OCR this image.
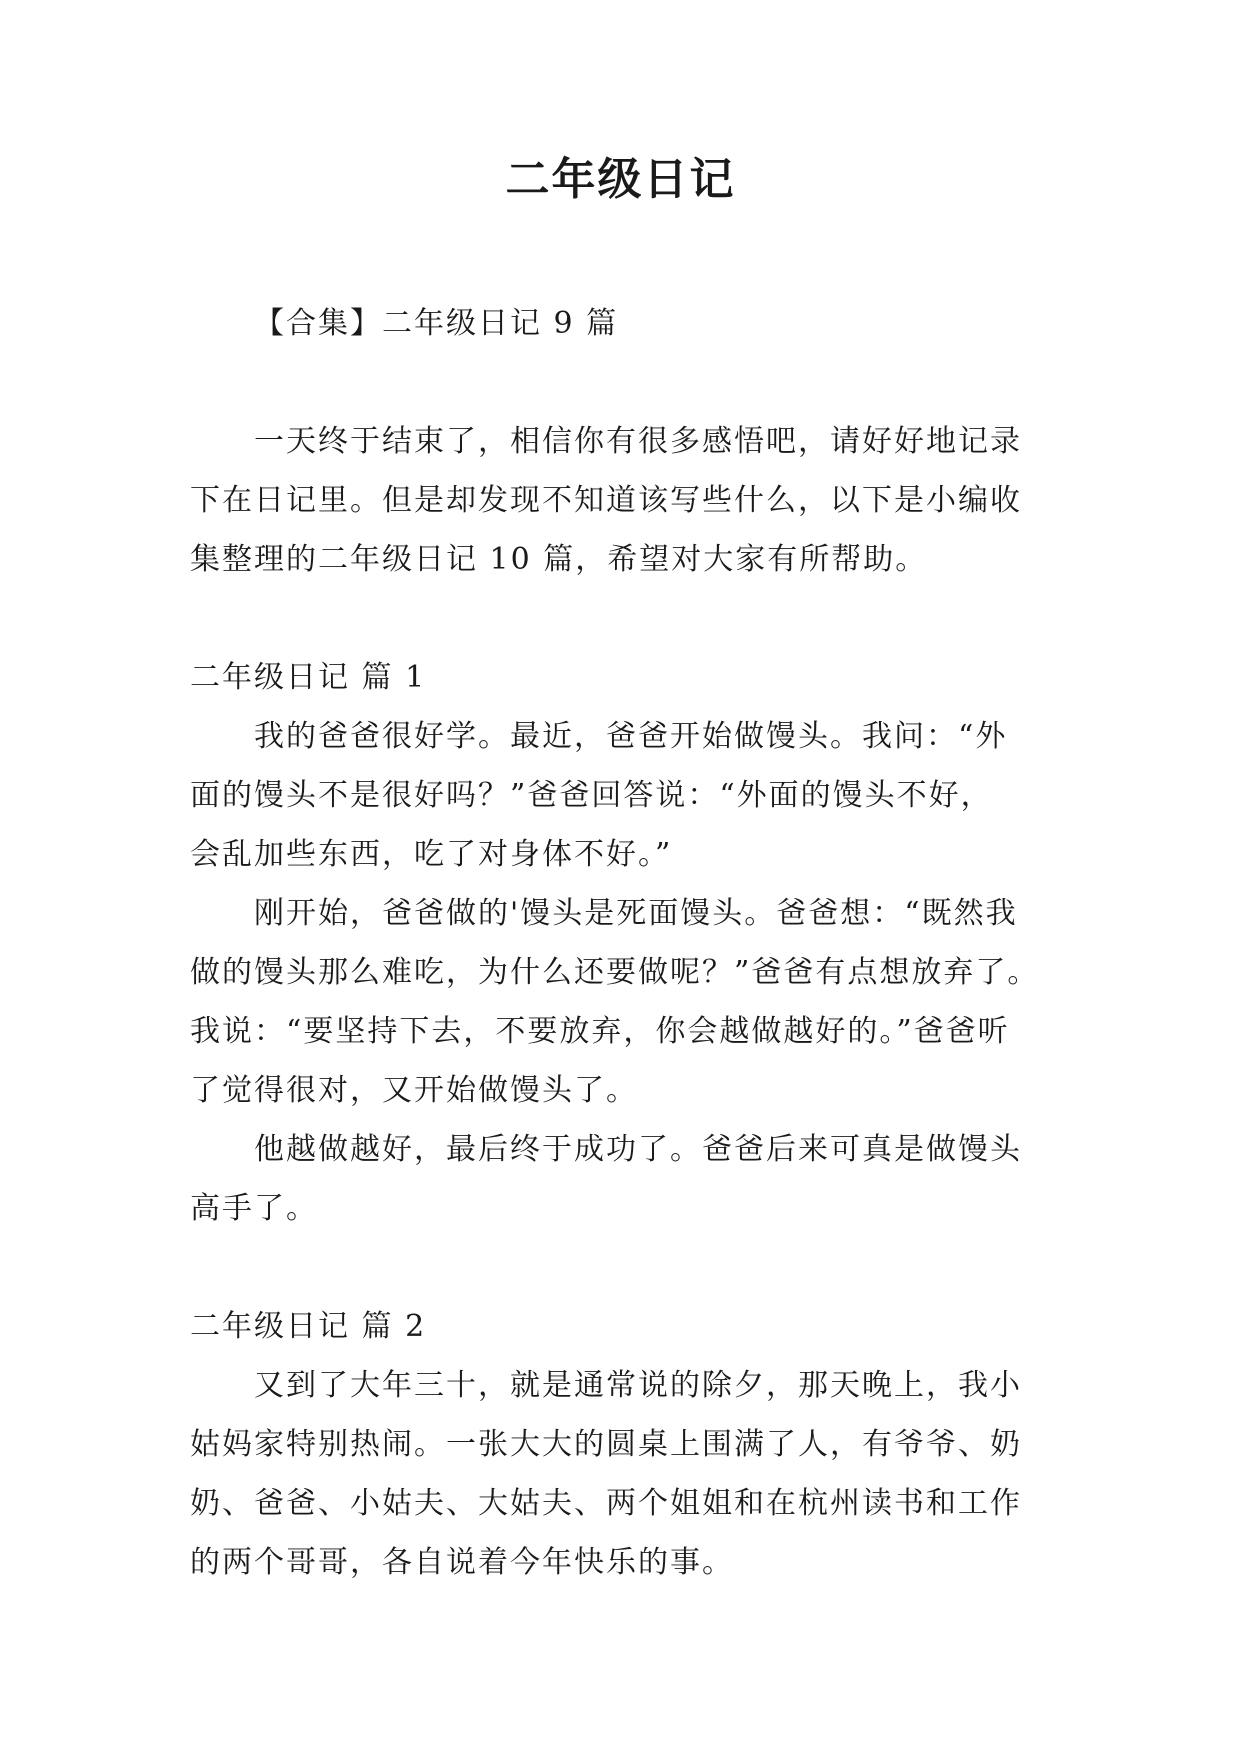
二年级日记
【合集】二年级日记 9 篇
一天终于结束了，相信你有很多感悟吧，请好好地记录
下在日记里。但是却发现不知道该写些什么，以下是小编收
集整理的二年级日记 10 篇，希望对大家有所帮助。
二年级日记 篇 1
我的爸爸很好学。最近，爸爸开始做馒头。我问：“外
面的馒头不是很好吗？”爸爸回答说：“外面的馒头不好，
会乱加些东西，吃了对身体不好。”
刚开始，爸爸做的'馒头是死面馒头。爸爸想：“既然我
做的馒头那么难吃，为什么还要做呢？”爸爸有点想放弃了。
我说：“要坚持下去，不要放弃，你会越做越好的。”爸爸听
了觉得很对，又开始做馒头了。
他越做越好，最后终于成功了。爸爸后来可真是做馒头
高手了。
二年级日记 篇 2
又到了大年三十，就是通常说的除夕，那天晚上，我小
姑妈家特别热闹。一张大大的圆桌上围满了人，有爷爷、奶
奶、爸爸、小姑夫、大姑夫、两个姐姐和在杭州读书和工作
的两个哥哥，各自说着今年快乐的事。
